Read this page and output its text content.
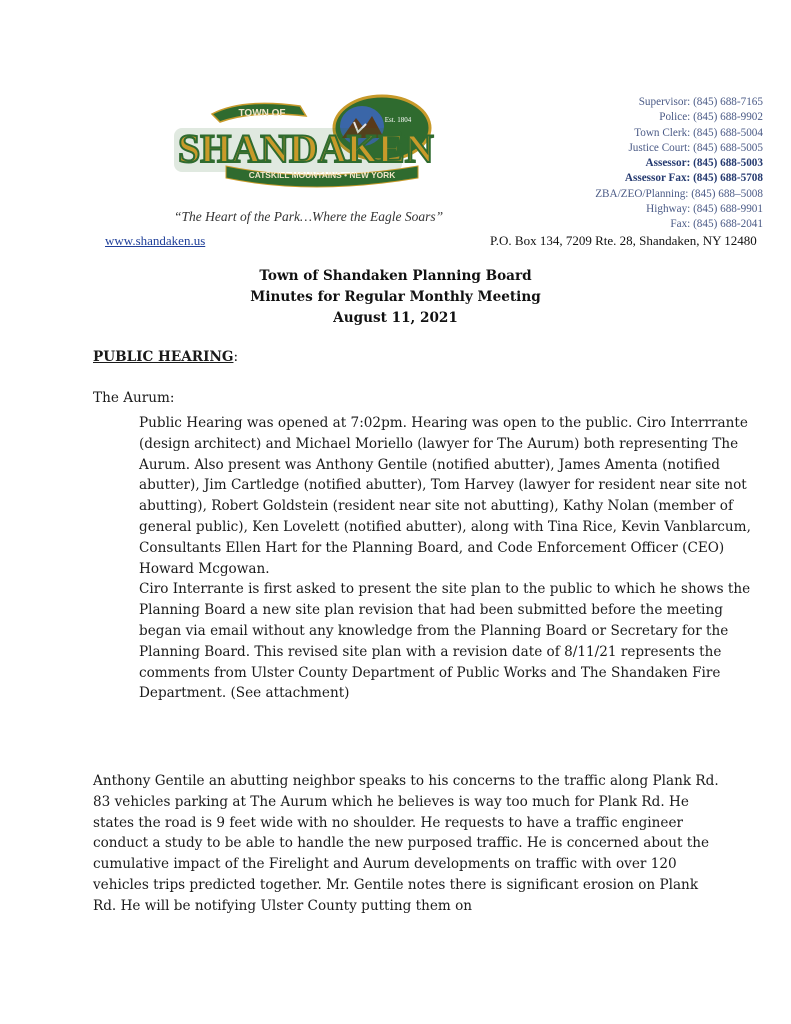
Est. 1804
SHANDAKEN
CATSKILL MOUNTAINS • NEW YORK
TOWN OF
“The Heart of the Park…Where the Eagle Soars”
www.shandaken.us
Supervisor: (845) 688-7165
Police: (845) 688-9902
Town Clerk: (845) 688-5004
Justice Court: (845) 688-5005
Assessor: (845) 688-5003
Assessor Fax: (845) 688-5708
ZBA/ZEO/Planning: (845) 688–5008
Highway: (845) 688-9901
Fax: (845) 688-2041
P.O. Box 134, 7209 Rte. 28, Shandaken, NY 12480
Town of Shandaken Planning Board
Minutes for Regular Monthly Meeting
August 11, 2021
PUBLIC HEARING:
The Aurum:

Public Hearing was opened at 7:02pm. Hearing was open to the public. Ciro Interrrante (design architect) and Michael Moriello (lawyer for The Aurum) both representing The Aurum. Also present was Anthony Gentile (notified abutter), James Amenta (notified abutter), Jim Cartledge (notified abutter), Tom Harvey (lawyer for resident near site not abutting), Robert Goldstein (resident near site not abutting), Kathy Nolan (member of general public), Ken Lovelett (notified abutter), along with Tina Rice, Kevin Vanblarcum, Consultants Ellen Hart for the Planning Board, and Code Enforcement Officer (CEO) Howard Mcgowan.

Ciro Interrante is first asked to present the site plan to the public to which he shows the Planning Board a new site plan revision that had been submitted before the meeting began via email without any knowledge from the Planning Board or Secretary for the Planning Board. This revised site plan with a revision date of 8/11/21 represents the comments from Ulster County Department of Public Works and The Shandaken Fire Department. (See attachment)

Anthony Gentile an abutting neighbor speaks to his concerns to the traffic along Plank Rd. 83 vehicles parking at The Aurum which he believes is way too much for Plank Rd. He states the road is 9 feet wide with no shoulder. He requests to have a traffic engineer conduct a study to be able to handle the new purposed traffic. He is concerned about the cumulative impact of the Firelight and Aurum developments on traffic with over 120 vehicles trips predicted together. Mr. Gentile notes there is significant erosion on Plank Rd. He will be notifying Ulster County putting them on
